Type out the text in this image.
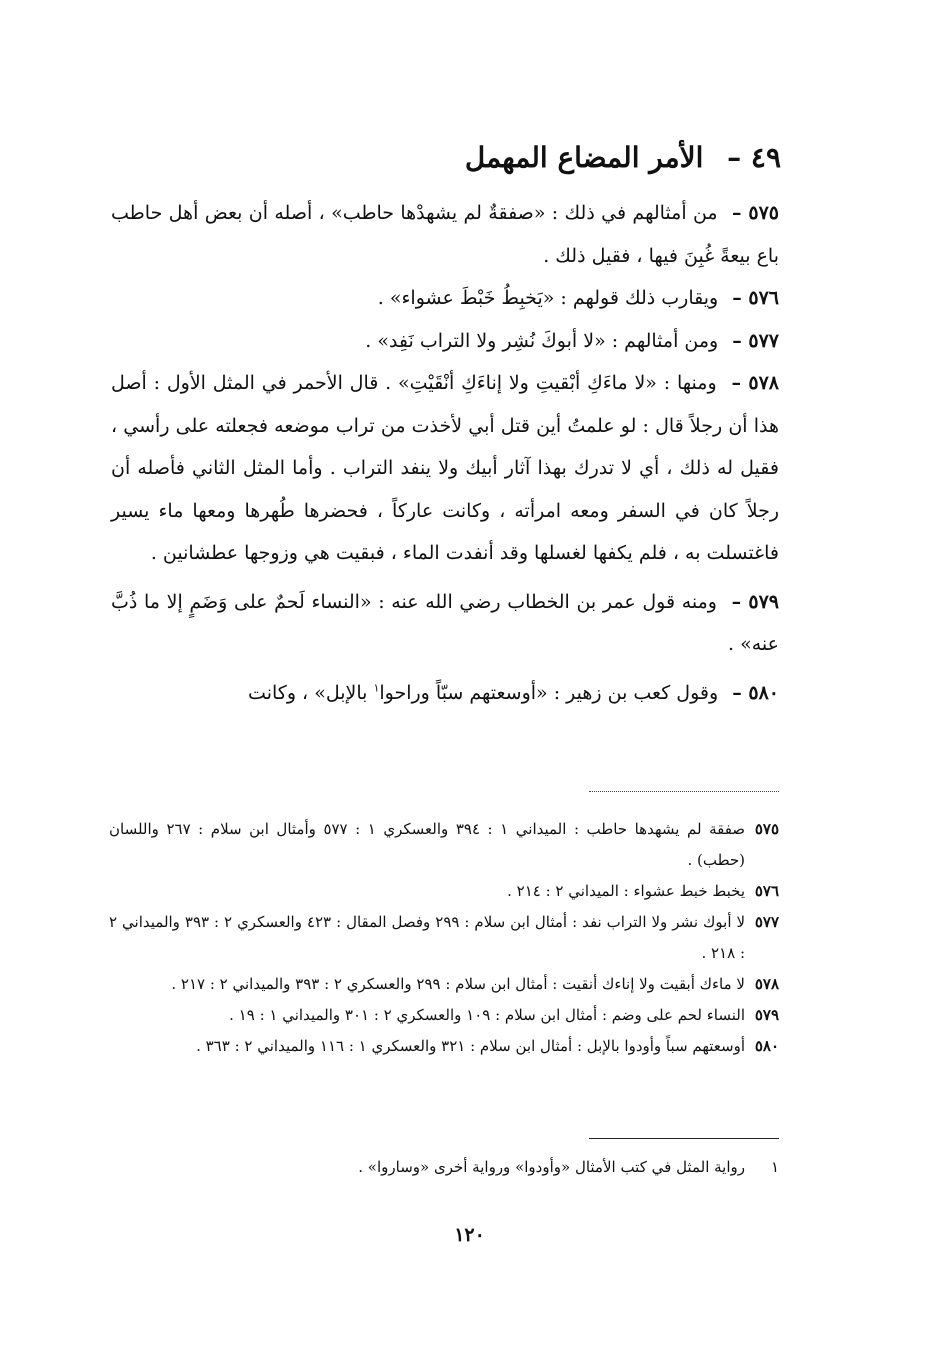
٤٩ – الأمر المضاع المهمل

٥٧٥ – من أمثالهم في ذلك : «صفقةٌ لم يشهدْها حاطب» ، أصله أن بعض أهل حاطب باع بيعةً غُبِنَ فيها ، فقيل ذلك .

٥٧٦ – ويقارب ذلك قولهم : «يَخبِطُ خَبْطَ عشواء» .

٥٧٧ – ومن أمثالهم : «لا أبوكَ نُشِر ولا التراب نَفِد» .

٥٧٨ – ومنها : «لا ماءَكِ أبْقيتِ ولا إناءَكِ أنْقَيْتِ» . قال الأحمر في المثل الأول : أصل هذا أن رجلاً قال : لو علمتُ أين قتل أبي لأخذت من تراب موضعه فجعلته على رأسي ، فقيل له ذلك ، أي لا تدرك بهذا آثار أبيك ولا ينفد التراب . وأما المثل الثاني فأصله أن رجلاً كان في السفر ومعه امرأته ، وكانت عاركاً ، فحضرها طُهرها ومعها ماء يسير فاغتسلت به ، فلم يكفها لغسلها وقد أنفدت الماء ، فبقيت هي وزوجها عطشانين .

٥٧٩ – ومنه قول عمر بن الخطاب رضي الله عنه : «النساء لَحمٌ على وَضَمٍ إلا ما ذُبَّ عنه» .

٥٨٠ – وقول كعب بن زهير : «أوسعتهم سبّاً وراحوا$^١$ بالإبل» ، وكانت

٥٧٥
صفقة لم يشهدها حاطب : الميداني ١ : ٣٩٤ والعسكري ١ : ٥٧٧ وأمثال ابن سلام : ٢٦٧ واللسان (حطب) .
٥٧٦
يخبط خبط عشواء : الميداني ٢ : ٢١٤ .
٥٧٧
لا أبوك نشر ولا التراب نفد : أمثال ابن سلام : ٢٩٩ وفصل المقال : ٤٢٣ والعسكري ٢ : ٣٩٣ والميداني ٢ : ٢١٨ .
٥٧٨
لا ماءك أبقيت ولا إناءك أنقيت : أمثال ابن سلام : ٢٩٩ والعسكري ٢ : ٣٩٣ والميداني ٢ : ٢١٧ .
٥٧٩
النساء لحم على وضم : أمثال ابن سلام : ١٠٩ والعسكري ٢ : ٣٠١ والميداني ١ : ١٩ .
٥٨٠
أوسعتهم سباً وأودوا بالإبل : أمثال ابن سلام : ٣٢١ والعسكري ١ : ١١٦ والميداني ٢ : ٣٦٣ .
١
رواية المثل في كتب الأمثال «وأودوا» ورواية أخرى «وساروا» .
١٢٠
